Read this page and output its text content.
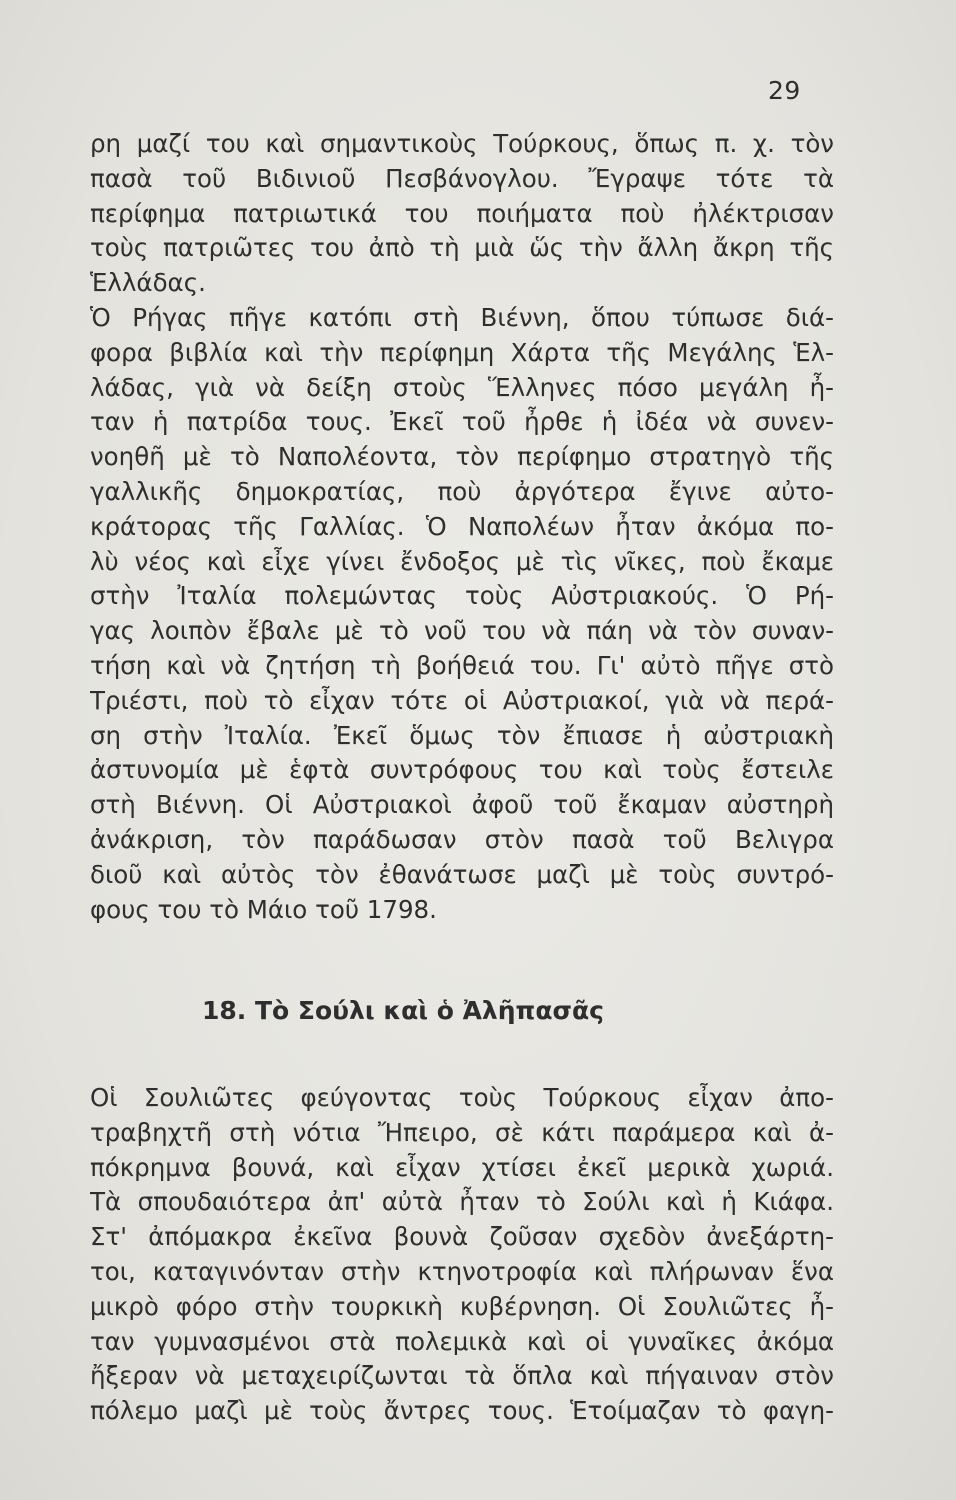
29
ρη μαζί του καὶ σημαντικοὺς Τούρκους, ὅπως π. χ. τὸν
πασὰ τοῦ Βιδινιοῦ Πεσβάνογλου. Ἔγραψε τότε τὰ
περίφημα πατριωτικά του ποιήματα ποὺ ἠλέκτρισαν
τοὺς πατριῶτες του ἀπὸ τὴ μιὰ ὥς τὴν ἄλλη ἄκρη τῆς
Ἑλλάδας.
Ὁ Ρήγας πῆγε κατόπι στὴ Βιέννη, ὅπου τύπωσε διά-
φορα βιβλία καὶ τὴν περίφημη Χάρτα τῆς Μεγάλης Ἑλ-
λάδας, γιὰ νὰ δείξη στοὺς Ἕλληνες πόσο μεγάλη ἦ-
ταν ἡ πατρίδα τους. Ἐκεῖ τοῦ ἦρθε ἡ ἰδέα νὰ συνεν-
νοηθῆ μὲ τὸ Ναπολέοντα, τὸν περίφημο στρατηγὸ τῆς
γαλλικῆς δημοκρατίας, ποὺ ἀργότερα ἔγινε αὐτο-
κράτορας τῆς Γαλλίας. Ὁ Ναπολέων ἦταν ἀκόμα πο-
λὺ νέος καὶ εἶχε γίνει ἔνδοξος μὲ τὶς νῖκες, ποὺ ἔκαμε
στὴν Ἰταλία πολεμώντας τοὺς Αὐστριακούς. Ὁ Ρή-
γας λοιπὸν ἔβαλε μὲ τὸ νοῦ του νὰ πάη νὰ τὸν συναν-
τήση καὶ νὰ ζητήση τὴ βοήθειά του. Γι' αὐτὸ πῆγε στὸ
Τριέστι, ποὺ τὸ εἶχαν τότε οἱ Αὐστριακοί, γιὰ νὰ περά-
ση στὴν Ἰταλία. Ἐκεῖ ὅμως τὸν ἔπιασε ἡ αὐστριακὴ
ἀστυνομία μὲ ἑφτὰ συντρόφους του καὶ τοὺς ἔστειλε
στὴ Βιέννη. Οἱ Αὐστριακοὶ ἀφοῦ τοῦ ἔκαμαν αὐστηρὴ
ἀνάκριση, τὸν παράδωσαν στὸν πασὰ τοῦ Βελιγρα
διοῦ καὶ αὐτὸς τὸν ἐθανάτωσε μαζὶ μὲ τοὺς συντρό-
φους του τὸ Μάιο τοῦ 1798.
18. Τὸ Σούλι καὶ ὁ Ἀλῆπασᾶς
Οἱ Σουλιῶτες φεύγοντας τοὺς Τούρκους εἶχαν ἀπο-
τραβηχτῆ στὴ νότια Ἤπειρο, σὲ κάτι παράμερα καὶ ἀ-
πόκρημνα βουνά, καὶ εἶχαν χτίσει ἐκεῖ μερικὰ χωριά.
Τὰ σπουδαιότερα ἀπ' αὐτὰ ἦταν τὸ Σούλι καὶ ἡ Κιάφα.
Στ' ἀπόμακρα ἐκεῖνα βουνὰ ζοῦσαν σχεδὸν ἀνεξάρτη-
τοι, καταγινόνταν στὴν κτηνοτροφία καὶ πλήρωναν ἕνα
μικρὸ φόρο στὴν τουρκικὴ κυβέρνηση. Οἱ Σουλιῶτες ἦ-
ταν γυμνασμένοι στὰ πολεμικὰ καὶ οἱ γυναῖκες ἀκόμα
ἤξεραν νὰ μεταχειρίζωνται τὰ ὅπλα καὶ πήγαιναν στὸν
πόλεμο μαζὶ μὲ τοὺς ἄντρες τους. Ἑτοίμαζαν τὸ φαγη-
